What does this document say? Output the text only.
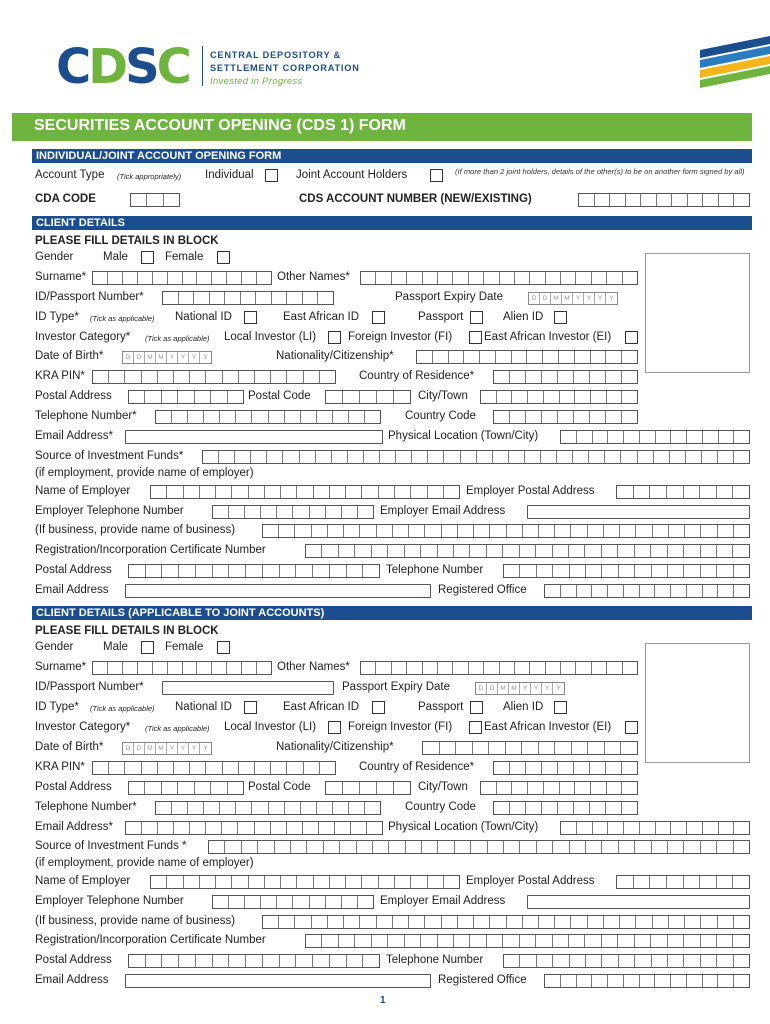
CDSC CENTRAL DEPOSITORY &
SETTLEMENT CORPORATION
Invested in Progress
SECURITIES ACCOUNT OPENING (CDS 1) FORM
INDIVIDUAL/JOINT ACCOUNT OPENING FORM
Account Type (Tick appropriately) Individual	Joint Account Holders	(If more than 2 joint holders, details of the other(s) to be on another form signed by all)
CDA CODE	CDS ACCOUNT NUMBER (NEW/EXISTING)
CLIENT DETAILS
PLEASE FILL DETAILS IN BLOCK
Gender	Male	Female
Surname*	Other Names*
ID/Passport Number*	Passport Expiry Date	D D M M Y	Y	Y	Y
ID Type* (Tick as applicable) National ID	East African ID	Passport	Alien ID
Investor Category* (Tick as applicable) Local Investor (LI)	Foreign Investor (FI)	East African Investor (EI)
Date of Birth*	D D M M Y	Y	Y	Y	Nationality/Citizenship*
KRA PIN*	Country of Residence*
Postal Address	Postal Code	City/Town
Telephone Number*	Country Code
Email Address*	Physical Location (Town/City)
Source of Investment Funds*
(if employment, provide name of employer)
Name of Employer	Employer Postal Address
Employer Telephone Number	Employer Email Address
(If business, provide name of business)
Registration/Incorporation Certificate Number
Postal Address	Telephone Number
Email Address	Registered Office
CLIENT DETAILS (APPLICABLE TO JOINT ACCOUNTS)
PLEASE FILL DETAILS IN BLOCK
Gender	Male	Female
Surname*	Other Names*
ID/Passport Number*	Passport Expiry Date	D D M M Y	Y	Y	Y
ID Type* (Tick as applicable) National ID	East African ID	Passport	Alien ID
Investor Category* (Tick as applicable) Local Investor (LI)	Foreign Investor (FI)	East African Investor (EI)
Date of Birth*	D D M M Y	Y	Y	Y	Nationality/Citizenship*
KRA PIN*	Country of Residence*
Postal Address	Postal Code	City/Town
Telephone Number*	Country Code
Email Address*	Physical Location (Town/City)
Source of Investment Funds *
(if employment, provide name of employer)
Name of Employer	Employer Postal Address
Employer Telephone Number	Employer Email Address
(If business, provide name of business)
Registration/Incorporation Certificate Number
Postal Address	Telephone Number
Email Address	Registered Office
1
